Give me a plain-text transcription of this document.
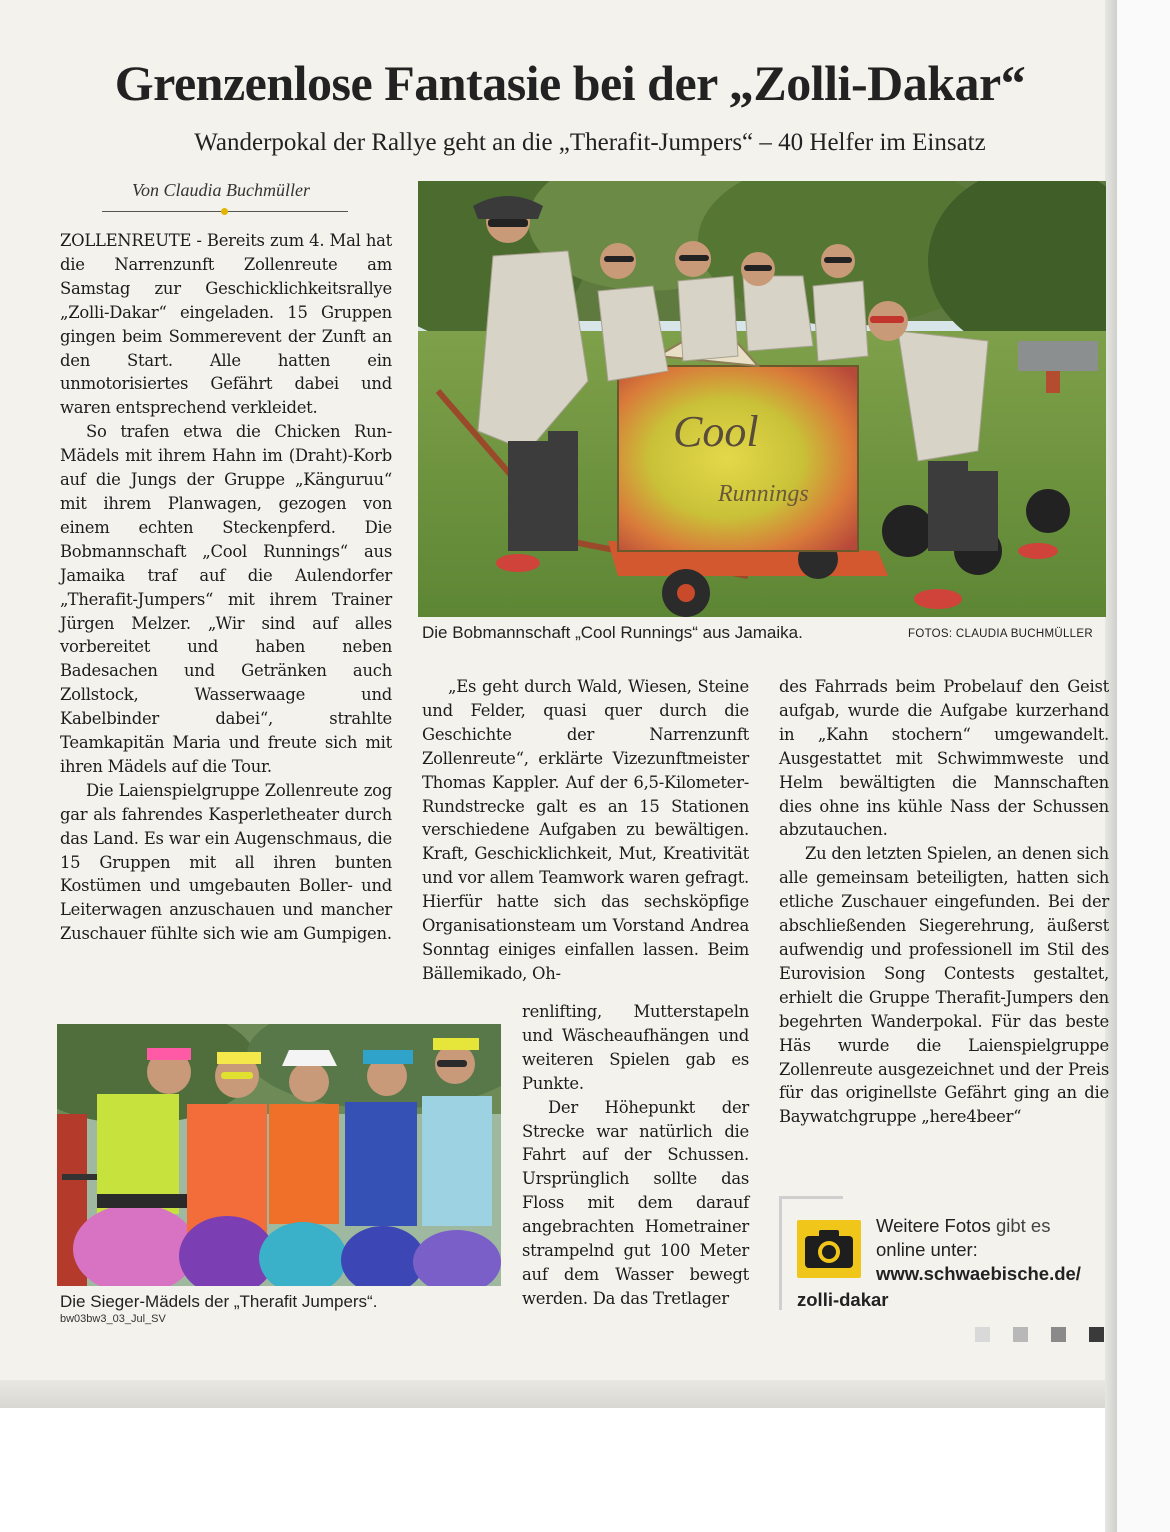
Grenzenlose Fantasie bei der „Zolli-Dakar“
Wanderpokal der Rallye geht an die „Therafit-Jumpers“ – 40 Helfer im Einsatz
Von Claudia Buchmüller

ZOLLENREUTE - Bereits zum 4. Mal hat die Narrenzunft Zollenreute am Samstag zur Geschicklichkeitsrallye „Zolli-Dakar“ eingeladen. 15 Gruppen gingen beim Sommerevent der Zunft an den Start. Alle hatten ein unmotorisiertes Gefährt dabei und waren entsprechend verkleidet.

So trafen etwa die Chicken Run-Mädels mit ihrem Hahn im (Draht)-Korb auf die Jungs der Gruppe „Känguruu“ mit ihrem Planwagen, gezogen von einem echten Steckenpferd. Die Bobmannschaft „Cool Runnings“ aus Jamaika traf auf die Aulendorfer „Therafit-Jumpers“ mit ihrem Trainer Jürgen Melzer. „Wir sind auf alles vorbereitet und haben neben Badesachen und Getränken auch Zollstock, Wasserwaage und Kabelbinder dabei“, strahlte Teamkapitän Maria und freute sich mit ihren Mädels auf die Tour.

Die Laienspielgruppe Zollenreute zog gar als fahrendes Kasperletheater durch das Land. Es war ein Augenschmaus, die 15 Gruppen mit all ihren bunten Kostümen und umgebauten Boller- und Leiterwagen anzuschauen und mancher Zuschauer fühlte sich wie am Gumpigen.

Cool
Runnings
Die Bobmannschaft „Cool Runnings“ aus Jamaika.	FOTOS: CLAUDIA BUCHMÜLLER

„Es geht durch Wald, Wiesen, Steine und Felder, quasi quer durch die Geschichte der Narrenzunft Zollenreute“, erklärte Vizezunftmeister Thomas Kappler. Auf der 6,5-Kilometer-Rundstrecke galt es an 15 Stationen verschiedene Aufgaben zu bewältigen. Kraft, Geschicklichkeit, Mut, Kreativität und vor allem Teamwork waren gefragt. Hierfür hatte sich das sechsköpfige Organisationsteam um Vorstand Andrea Sonntag einiges einfallen lassen. Beim Bällemikado, Oh-

renlifting, Mutterstapeln und Wäscheaufhängen und weiteren Spielen gab es Punkte.

Der Höhepunkt der Strecke war natürlich die Fahrt auf der Schussen. Ursprünglich sollte das Floss mit dem darauf angebrachten Hometrainer strampelnd gut 100 Meter auf dem Wasser bewegt werden. Da das Tretlager

des Fahrrads beim Probelauf den Geist aufgab, wurde die Aufgabe kurzerhand in „Kahn stochern“ umgewandelt. Ausgestattet mit Schwimmweste und Helm bewältigten die Mannschaften dies ohne ins kühle Nass der Schussen abzutauchen.

Zu den letzten Spielen, an denen sich alle gemeinsam beteiligten, hatten sich etliche Zuschauer eingefunden. Bei der abschließenden Siegerehrung, äußerst aufwendig und professionell im Stil des Eurovision Song Contests gestaltet, erhielt die Gruppe Therafit-Jumpers den begehrten Wanderpokal. Für das beste Häs wurde die Laienspielgruppe Zollenreute ausgezeichnet und der Preis für das originellste Gefährt ging an die Baywatchgruppe „here4beer“

Die Sieger-Mädels der „Therafit Jumpers“.
bw03bw3_03_Jul_SV
Weitere Fotos gibt es
online unter:
www.schwaebische.de/
zolli-dakar
